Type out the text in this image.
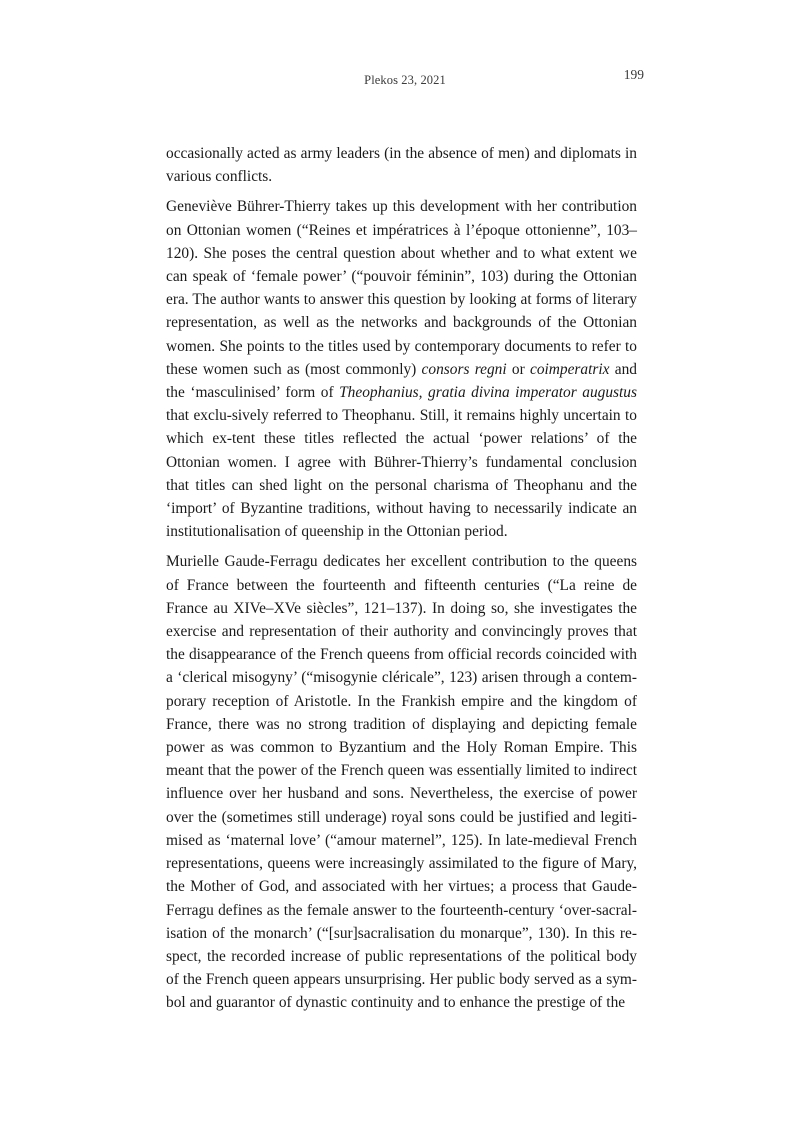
Plekos 23, 2021	199

occasionally acted as army leaders (in the absence of men) and diplomats in various conflicts.

Geneviève Bührer-Thierry takes up this development with her contribution on Ottonian women (“Reines et impératrices à l’époque ottonienne”, 103–120). She poses the central question about whether and to what extent we can speak of ‘female power’ (“pouvoir féminin”, 103) during the Ottonian era. The author wants to answer this question by looking at forms of literary representation, as well as the networks and backgrounds of the Ottonian women. She points to the titles used by contemporary documents to refer to these women such as (most commonly) consors regni or coimperatrix and the ‘masculinised’ form of Theophanius, gratia divina imperator augustus that exclu-sively referred to Theophanu. Still, it remains highly uncertain to which ex-tent these titles reflected the actual ‘power relations’ of the Ottonian women. I agree with Bührer-Thierry’s fundamental conclusion that titles can shed light on the personal charisma of Theophanu and the ‘import’ of Byzantine traditions, without having to necessarily indicate an institutionalisation of queenship in the Ottonian period.

Murielle Gaude-Ferragu dedicates her excellent contribution to the queens of France between the fourteenth and fifteenth centuries (“La reine de France au XIVe–XVe siècles”, 121–137). In doing so, she investigates the exercise and representation of their authority and convincingly proves that the disappearance of the French queens from official records coincided with a ‘clerical misogyny’ (“misogynie cléricale”, 123) arisen through a contem-porary reception of Aristotle. In the Frankish empire and the kingdom of France, there was no strong tradition of displaying and depicting female power as was common to Byzantium and the Holy Roman Empire. This meant that the power of the French queen was essentially limited to indirect influence over her husband and sons. Nevertheless, the exercise of power over the (sometimes still underage) royal sons could be justified and legiti-mised as ‘maternal love’ (“amour maternel”, 125). In late-medieval French representations, queens were increasingly assimilated to the figure of Mary, the Mother of God, and associated with her virtues; a process that Gaude-Ferragu defines as the female answer to the fourteenth-century ‘over-sacral-isation of the monarch’ (“[sur]sacralisation du monarque”, 130). In this re-spect, the recorded increase of public representations of the political body of the French queen appears unsurprising. Her public body served as a sym-bol and guarantor of dynastic continuity and to enhance the prestige of the
